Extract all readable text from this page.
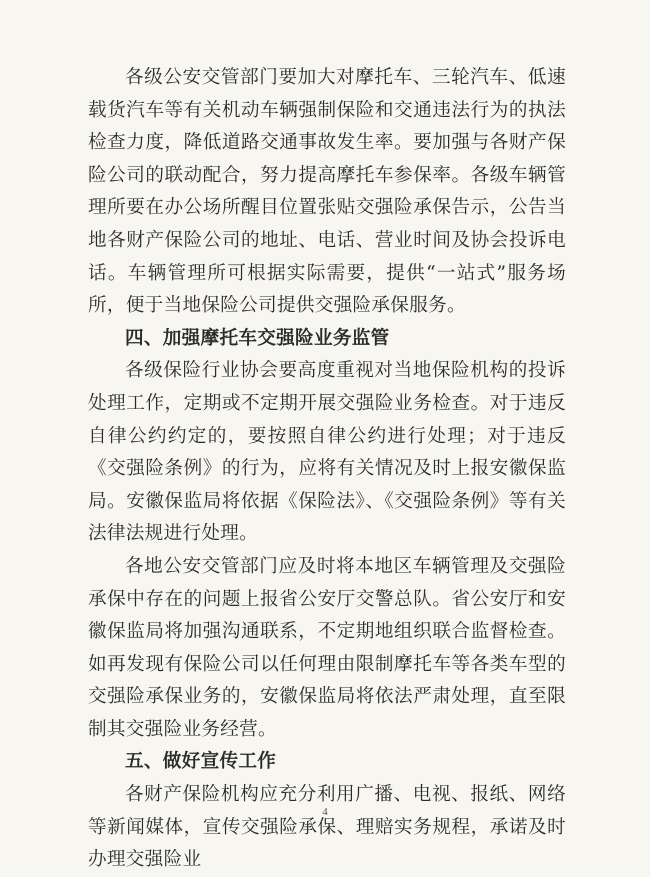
各级公安交管部门要加大对摩托车、三轮汽车、低速载货汽车等有关机动车辆强制保险和交通违法行为的执法检查力度，降低道路交通事故发生率。要加强与各财产保险公司的联动配合，努力提高摩托车参保率。各级车辆管理所要在办公场所醒目位置张贴交强险承保告示，公告当地各财产保险公司的地址、电话、营业时间及协会投诉电话。车辆管理所可根据实际需要，提供“一站式”服务场所，便于当地保险公司提供交强险承保服务。

四、加强摩托车交强险业务监管

各级保险行业协会要高度重视对当地保险机构的投诉处理工作，定期或不定期开展交强险业务检查。对于违反自律公约约定的，要按照自律公约进行处理；对于违反《交强险条例》的行为，应将有关情况及时上报安徽保监局。安徽保监局将依据《保险法》、《交强险条例》等有关法律法规进行处理。

各地公安交管部门应及时将本地区车辆管理及交强险承保中存在的问题上报省公安厅交警总队。省公安厅和安徽保监局将加强沟通联系，不定期地组织联合监督检查。如再发现有保险公司以任何理由限制摩托车等各类车型的交强险承保业务的，安徽保监局将依法严肃处理，直至限制其交强险业务经营。

五、做好宣传工作

各财产保险机构应充分利用广播、电视、报纸、网络等新闻媒体，宣传交强险承保、理赔实务规程，承诺及时办理交强险业

4
